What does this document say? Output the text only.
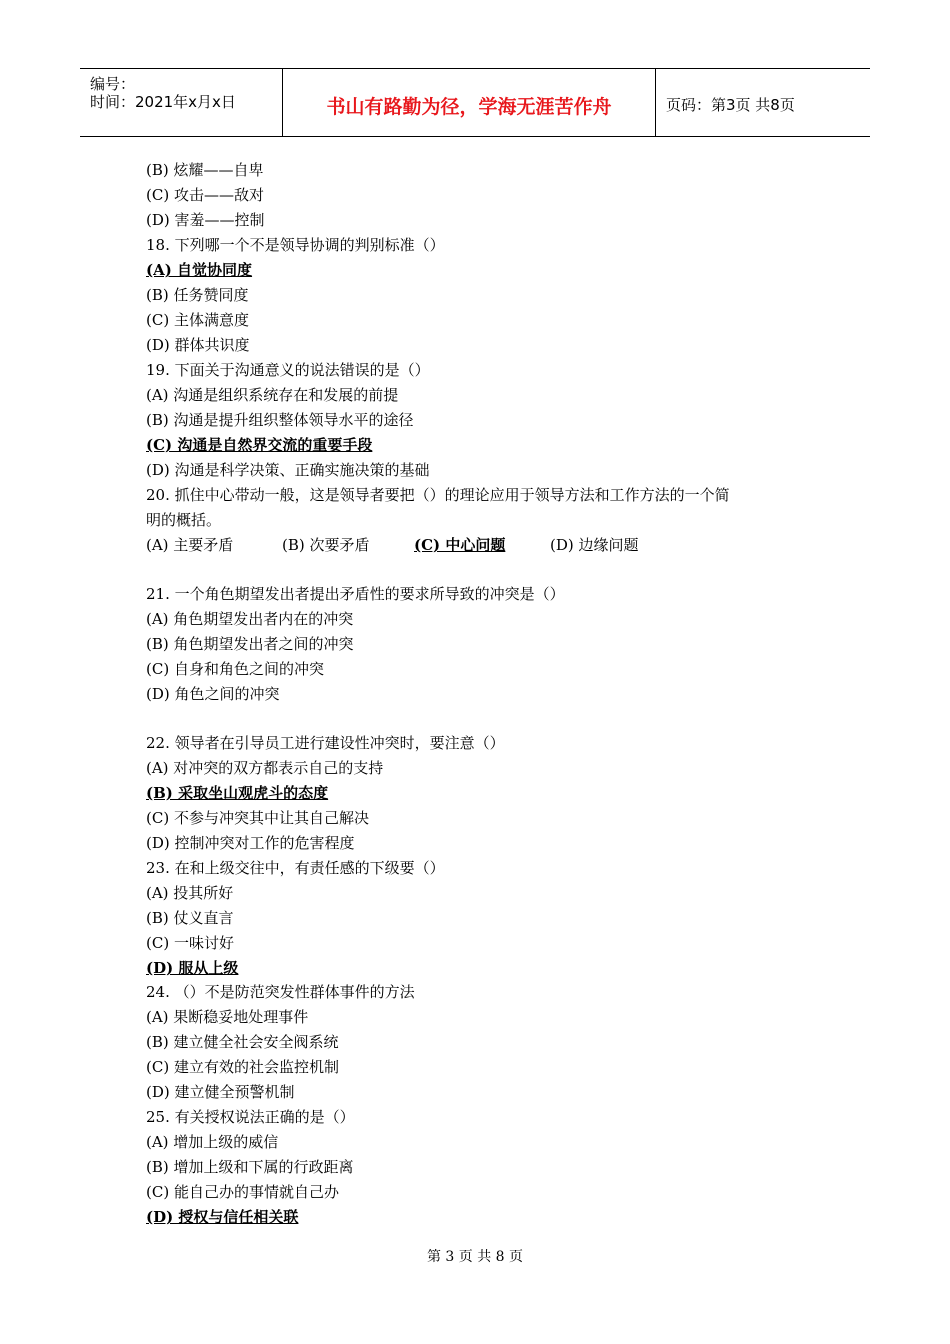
编号：
时间：2021年x月x日	书山有路勤为径，学海无涯苦作舟	页码：第3页 共8页
(B) 炫耀——自卑
(C) 攻击——敌对
(D) 害羞——控制
18. 下列哪一个不是领导协调的判别标准（）
(A) 自觉协同度
(B) 任务赞同度
(C) 主体满意度
(D) 群体共识度
19. 下面关于沟通意义的说法错误的是（）
(A) 沟通是组织系统存在和发展的前提
(B) 沟通是提升组织整体领导水平的途径
(C) 沟通是自然界交流的重要手段
(D) 沟通是科学决策、正确实施决策的基础
20. 抓住中心带动一般，这是领导者要把（）的理论应用于领导方法和工作方法的一个简
明的概括。
(A) 主要矛盾	(B) 次要矛盾	(C) 中心问题	(D) 边缘问题
21. 一个角色期望发出者提出矛盾性的要求所导致的冲突是（）
(A) 角色期望发出者内在的冲突
(B) 角色期望发出者之间的冲突
(C) 自身和角色之间的冲突
(D) 角色之间的冲突
22. 领导者在引导员工进行建设性冲突时，要注意（）
(A) 对冲突的双方都表示自己的支持
(B) 采取坐山观虎斗的态度
(C) 不参与冲突其中让其自己解决
(D) 控制冲突对工作的危害程度
23. 在和上级交往中，有责任感的下级要（）
(A) 投其所好
(B) 仗义直言
(C) 一味讨好
(D) 服从上级
24. （）不是防范突发性群体事件的方法
(A) 果断稳妥地处理事件
(B) 建立健全社会安全阀系统
(C) 建立有效的社会监控机制
(D) 建立健全预警机制
25. 有关授权说法正确的是（）
(A) 增加上级的威信
(B) 增加上级和下属的行政距离
(C) 能自己办的事情就自己办
(D) 授权与信任相关联
第 3 页 共 8 页
